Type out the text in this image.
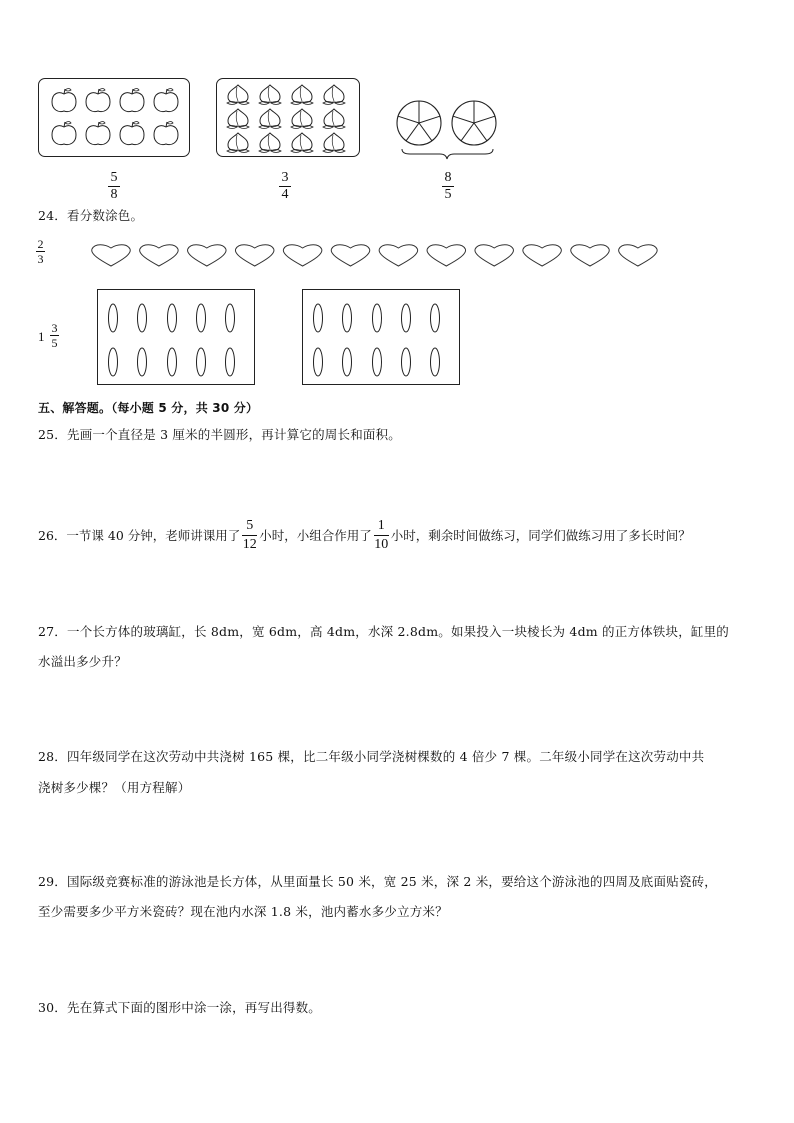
5
8
3
4
8
5
24．看分数涂色。
2
3
1
3
5
五、解答题。（每小题 5 分，共 30 分）
25．先画一个直径是 3 厘米的半圆形，再计算它的周长和面积。
26．一节课 40 分钟，老师讲课用了
5
12
小时，小组合作用了
1
10
小时，剩余时间做练习，同学们做练习用了多长时间？
27．一个长方体的玻璃缸，长 8dm，宽 6dm，高 4dm，水深 2.8dm。如果投入一块棱长为 4dm 的正方体铁块，缸里的
水溢出多少升？
28．四年级同学在这次劳动中共浇树 165 棵，比二年级小同学浇树棵数的 4 倍少 7 棵。二年级小同学在这次劳动中共
浇树多少棵？（用方程解）
29．国际级竞赛标准的游泳池是长方体，从里面量长 50 米，宽 25 米，深 2 米，要给这个游泳池的四周及底面贴瓷砖，
至少需要多少平方米瓷砖？现在池内水深 1.8 米，池内蓄水多少立方米？
30．先在算式下面的图形中涂一涂，再写出得数。
